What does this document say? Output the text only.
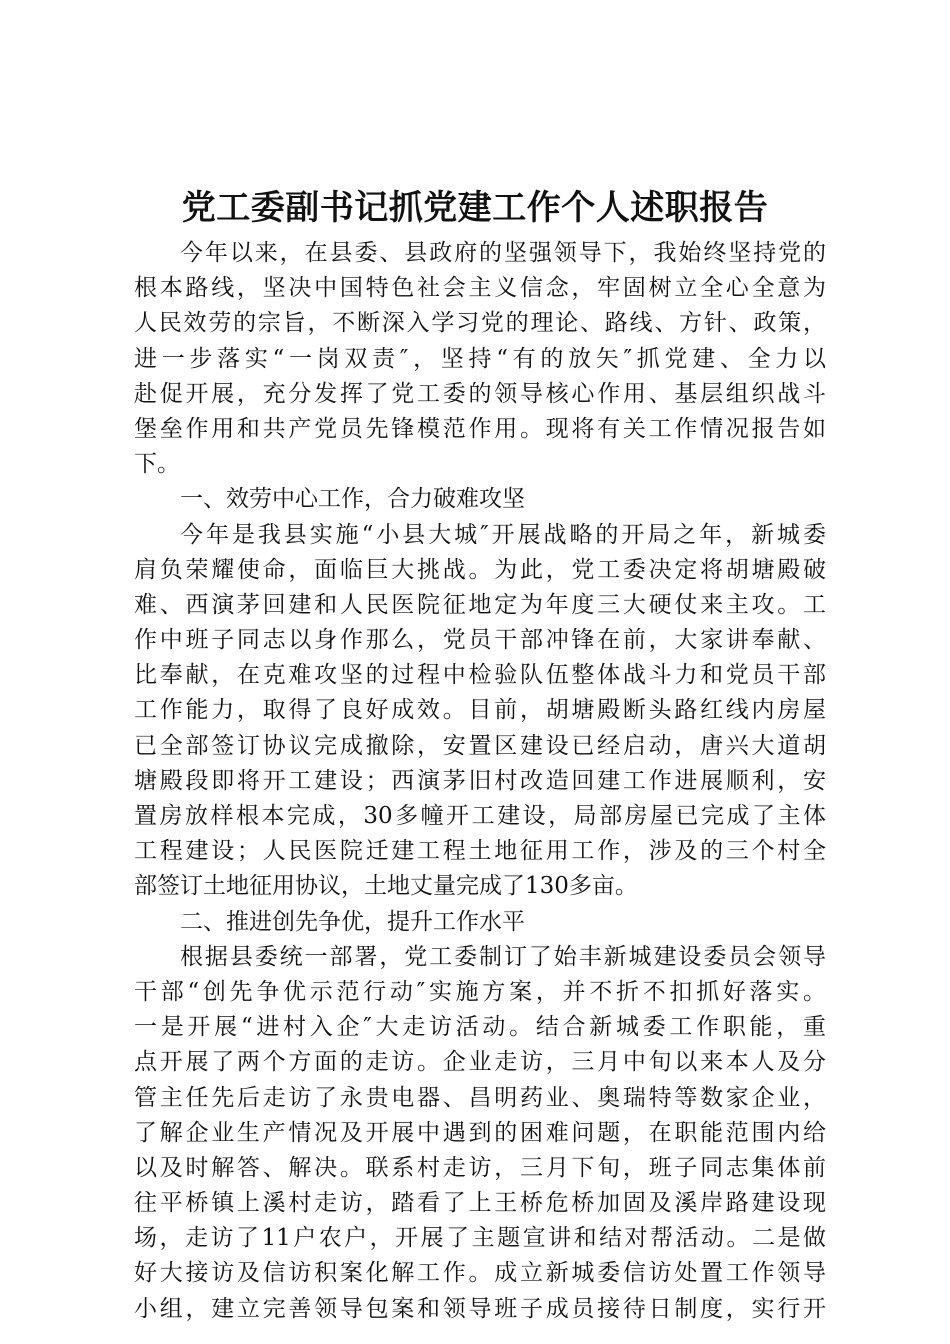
党工委副书记抓党建工作个人述职报告
今年以来，在县委、县政府的坚强领导下，我始终坚持党的
根本路线，坚决中国特色社会主义信念，牢固树立全心全意为
人民效劳的宗旨，不断深入学习党的理论、路线、方针、政策，
进一步落实“一岗双责″，坚持“有的放矢″抓党建、全力以
赴促开展，充分发挥了党工委的领导核心作用、基层组织战斗
堡垒作用和共产党员先锋模范作用。现将有关工作情况报告如
下。
一、效劳中心工作，合力破难攻坚
今年是我县实施“小县大城″开展战略的开局之年，新城委
肩负荣耀使命，面临巨大挑战。为此，党工委决定将胡塘殿破
难、西演茅回建和人民医院征地定为年度三大硬仗来主攻。工
作中班子同志以身作那么，党员干部冲锋在前，大家讲奉献、
比奉献，在克难攻坚的过程中检验队伍整体战斗力和党员干部
工作能力，取得了良好成效。目前，胡塘殿断头路红线内房屋
已全部签订协议完成撤除，安置区建设已经启动，唐兴大道胡
塘殿段即将开工建设；西演茅旧村改造回建工作进展顺利，安
置房放样根本完成，30多幢开工建设，局部房屋已完成了主体
工程建设；人民医院迁建工程土地征用工作，涉及的三个村全
部签订土地征用协议，土地丈量完成了130多亩。
二、推进创先争优，提升工作水平
根据县委统一部署，党工委制订了始丰新城建设委员会领导
干部“创先争优示范行动″实施方案，并不折不扣抓好落实。
一是开展“进村入企″大走访活动。结合新城委工作职能，重
点开展了两个方面的走访。企业走访，三月中旬以来本人及分
管主任先后走访了永贵电器、昌明药业、奥瑞特等数家企业，
了解企业生产情况及开展中遇到的困难问题，在职能范围内给
以及时解答、解决。联系村走访，三月下旬，班子同志集体前
往平桥镇上溪村走访，踏看了上王桥危桥加固及溪岸路建设现
场，走访了11户农户，开展了主题宣讲和结对帮活动。二是做
好大接访及信访积案化解工作。成立新城委信访处置工作领导
小组，建立完善领导包案和领导班子成员接待日制度，实行开
